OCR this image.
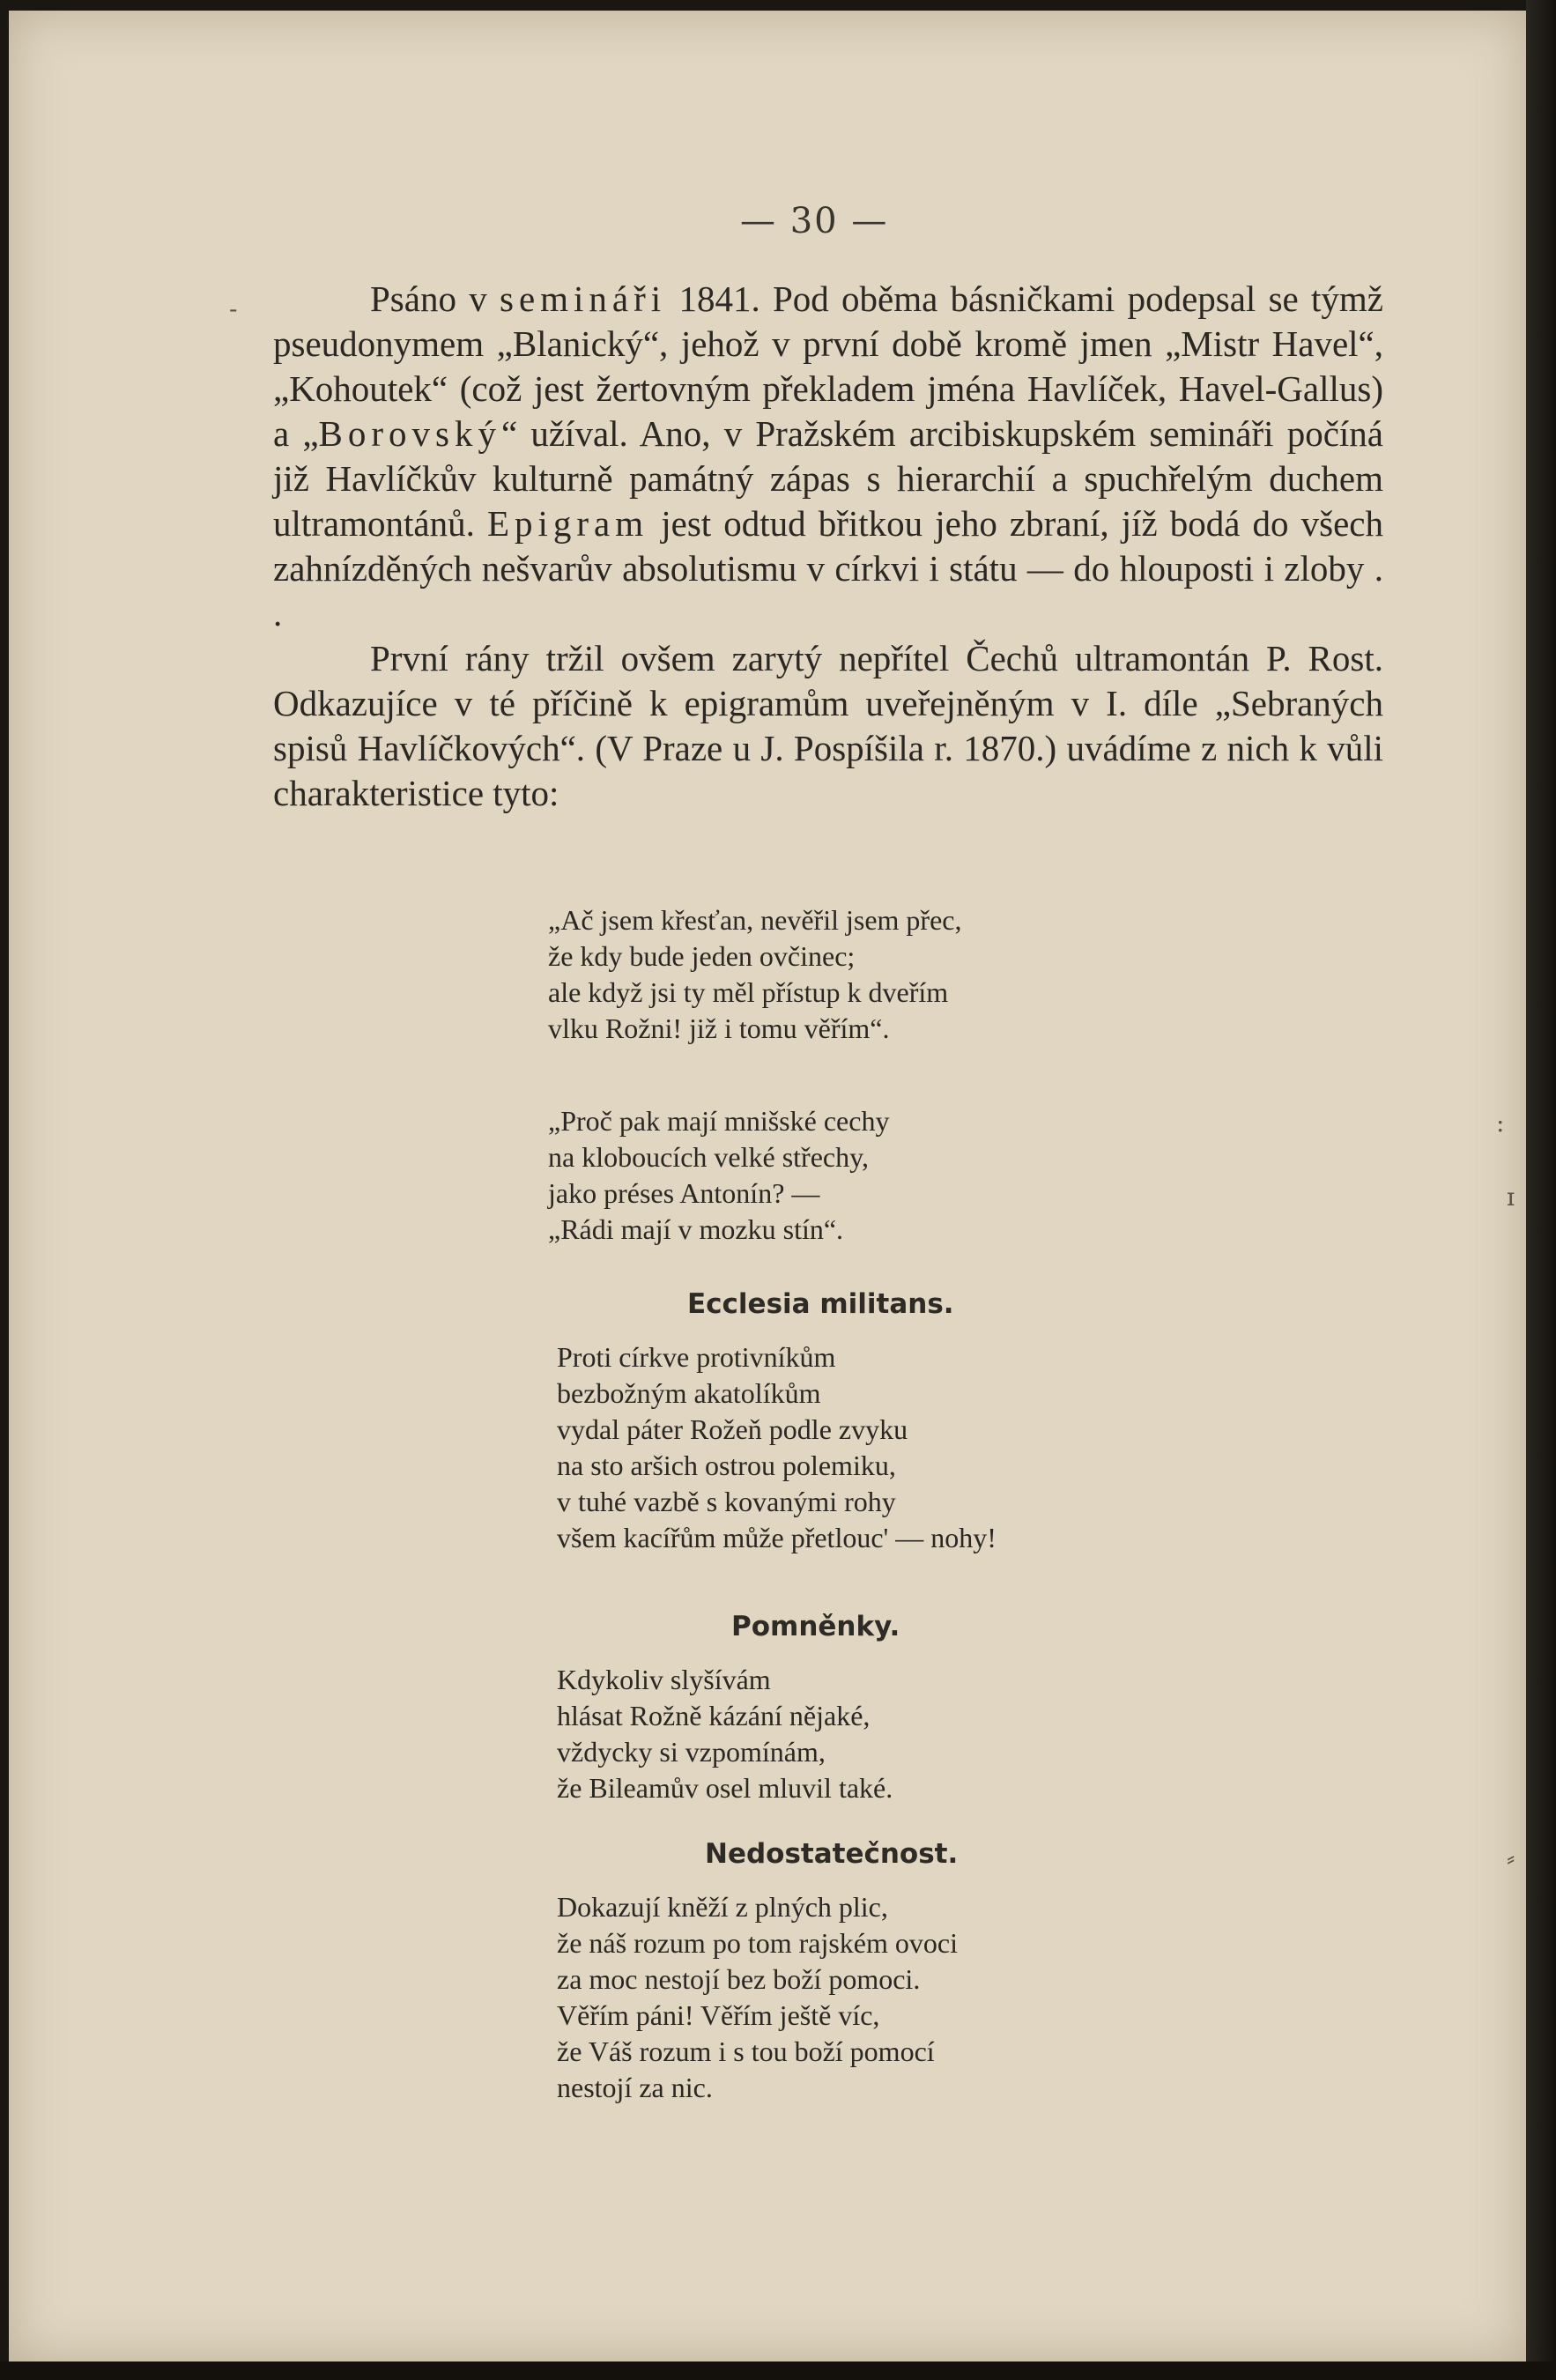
— 30 —

Psáno v semináři 1841. Pod oběma básničkami podepsal se týmž pseudonymem „Blanický“, jehož v první době kromě jmen „Mistr Havel“, „Kohoutek“ (což jest žertovným překladem jména Havlíček, Havel-Gallus) a „Borovský“ užíval. Ano, v Pražském arcibiskupském semináři počíná již Havlíčkův kulturně památný zápas s hierarchií a spuchřelým duchem ultramontánů. Epigram jest odtud břitkou jeho zbraní, jíž bodá do všech zahnízděných nešvarův absolutismu v církvi i státu — do hlouposti i zloby . .

První rány tržil ovšem zarytý nepřítel Čechů ultramontán P. Rost. Odkazujíce v té příčině k epigramům uveřejněným v I. díle „Sebraných spisů Havlíčkových“. (V Praze u J. Pospíšila r. 1870.) uvádíme z nich k vůli charakteristice tyto:

„Ač jsem křesťan, nevěřil jsem přec,
že kdy bude jeden ovčinec;
ale když jsi ty měl přístup k dveřím
vlku Rožni! již i tomu věřím“.
„Proč pak mají mnišské cechy
na kloboucích velké střechy,
jako préses Antonín? —
„Rádi mají v mozku stín“.
Ecclesia militans.
Proti církve protivníkům
bezbožným akatolíkům
vydal páter Rožeň podle zvyku
na sto aršich ostrou polemiku,
v tuhé vazbě s kovanými rohy
všem kacířům může přetlouc' — nohy!
Pomněnky.
Kdykoliv slyšívám
hlásat Rožně kázání nějaké,
vždycky si vzpomínám,
že Bileamův osel mluvil také.
Nedostatečnost.
Dokazují kněží z plných plic,
že náš rozum po tom rajském ovoci
za moc nestojí bez boží pomoci.
Věřím páni! Věřím ještě víc,
že Váš rozum i s tou boží pomocí
nestojí za nic.
-
:
ɪ
⸗
